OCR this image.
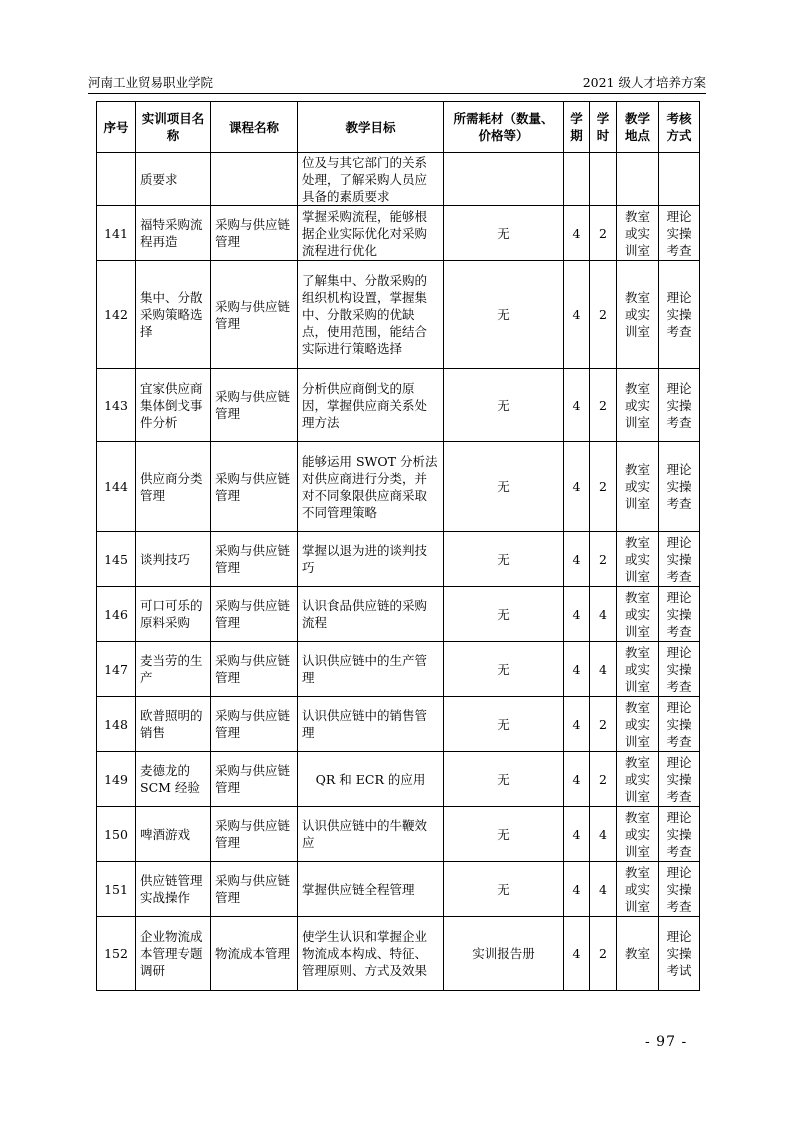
河南工业贸易职业学院	2021 级人才培养方案
序号	实训项目名称	课程名称	教学目标	所需耗材（数量、价格等）	学期	学时	教学地点	考核方式
	质要求		位及与其它部门的关系处理，了解采购人员应具备的素质要求					
141	福特采购流程再造	采购与供应链管理	掌握采购流程，能够根据企业实际优化对采购流程进行优化	无	4	2	教室或实训室	理论实操考查
142	集中、分散采购策略选择	采购与供应链管理	了解集中、分散采购的组织机构设置，掌握集中、分散采购的优缺点，使用范围，能结合实际进行策略选择	无	4	2	教室或实训室	理论实操考查
143	宜家供应商集体倒戈事件分析	采购与供应链管理	分析供应商倒戈的原因，掌握供应商关系处理方法	无	4	2	教室或实训室	理论实操考查
144	供应商分类管理	采购与供应链管理	能够运用 SWOT 分析法对供应商进行分类，并对不同象限供应商采取不同管理策略	无	4	2	教室或实训室	理论实操考查
145	谈判技巧	采购与供应链管理	掌握以退为进的谈判技巧	无	4	2	教室或实训室	理论实操考查
146	可口可乐的原料采购	采购与供应链管理	认识食品供应链的采购流程	无	4	4	教室或实训室	理论实操考查
147	麦当劳的生产	采购与供应链管理	认识供应链中的生产管理	无	4	4	教室或实训室	理论实操考查
148	欧普照明的销售	采购与供应链管理	认识供应链中的销售管理	无	4	2	教室或实训室	理论实操考查
149	麦德龙的SCM 经验	采购与供应链管理	QR 和 ECR 的应用	无	4	2	教室或实训室	理论实操考查
150	啤酒游戏	采购与供应链管理	认识供应链中的牛鞭效应	无	4	4	教室或实训室	理论实操考查
151	供应链管理实战操作	采购与供应链管理	掌握供应链全程管理	无	4	4	教室或实训室	理论实操考查
152	企业物流成本管理专题调研	物流成本管理	使学生认识和掌握企业物流成本构成、特征、管理原则、方式及效果	实训报告册	4	2	教室	理论实操考试
- 97 -
